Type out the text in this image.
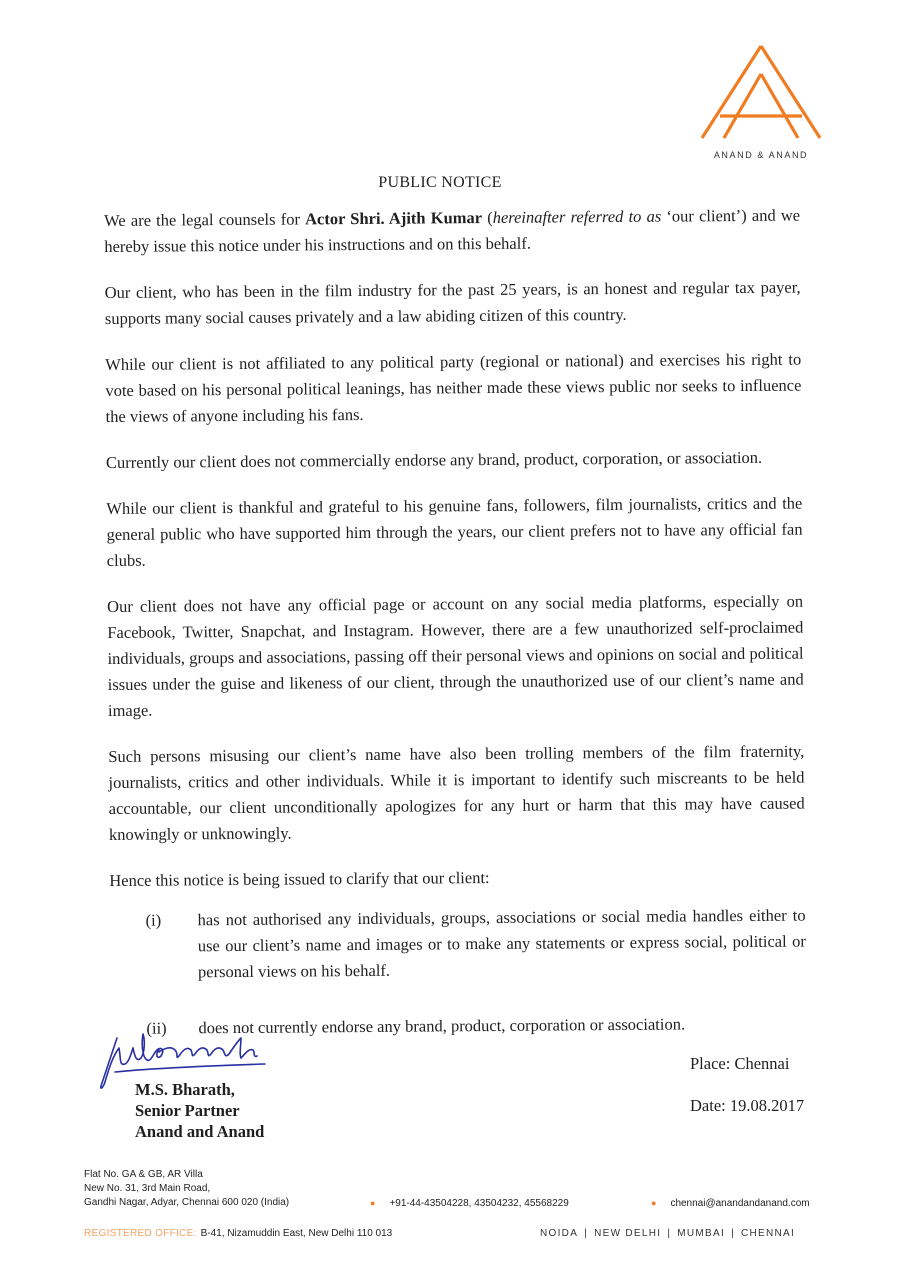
ANAND & ANAND
PUBLIC NOTICE

We are the legal counsels for Actor Shri. Ajith Kumar (hereinafter referred to as ‘our client’) and we hereby issue this notice under his instructions and on this behalf.

Our client, who has been in the film industry for the past 25 years, is an honest and regular tax payer, supports many social causes privately and a law abiding citizen of this country.

While our client is not affiliated to any political party (regional or national) and exercises his right to vote based on his personal political leanings, has neither made these views public nor seeks to influence the views of anyone including his fans.

Currently our client does not commercially endorse any brand, product, corporation, or association.

While our client is thankful and grateful to his genuine fans, followers, film journalists, critics and the general public who have supported him through the years, our client prefers not to have any official fan clubs.

Our client does not have any official page or account on any social media platforms, especially on Facebook, Twitter, Snapchat, and Instagram. However, there are a few unauthorized self-proclaimed individuals, groups and associations, passing off their personal views and opinions on social and political issues under the guise and likeness of our client, through the unauthorized use of our client’s name and image.

Such persons misusing our client’s name have also been trolling members of the film fraternity, journalists, critics and other individuals. While it is important to identify such miscreants to be held accountable, our client unconditionally apologizes for any hurt or harm that this may have caused knowingly or unknowingly.

Hence this notice is being issued to clarify that our client:

(i)	has not authorised any individuals, groups, associations or social media handles either to use our client’s name and images or to make any statements or express social, political or personal views on his behalf.
(ii)	does not currently endorse any brand, product, corporation or association.
M.S. Bharath,
Senior Partner
Anand and Anand
Place: Chennai
Date: 19.08.2017
Flat No. GA & GB, AR Villa
New No. 31, 3rd Main Road,
Gandhi Nagar, Adyar, Chennai 600 020 (India)	● +91-44-43504228, 43504232, 45568229	● chennai@anandandanand.com
REGISTERED OFFICE: B-41, Nizamuddin East, New Delhi 110 013	NOIDA | NEW DELHI | MUMBAI | CHENNAI
